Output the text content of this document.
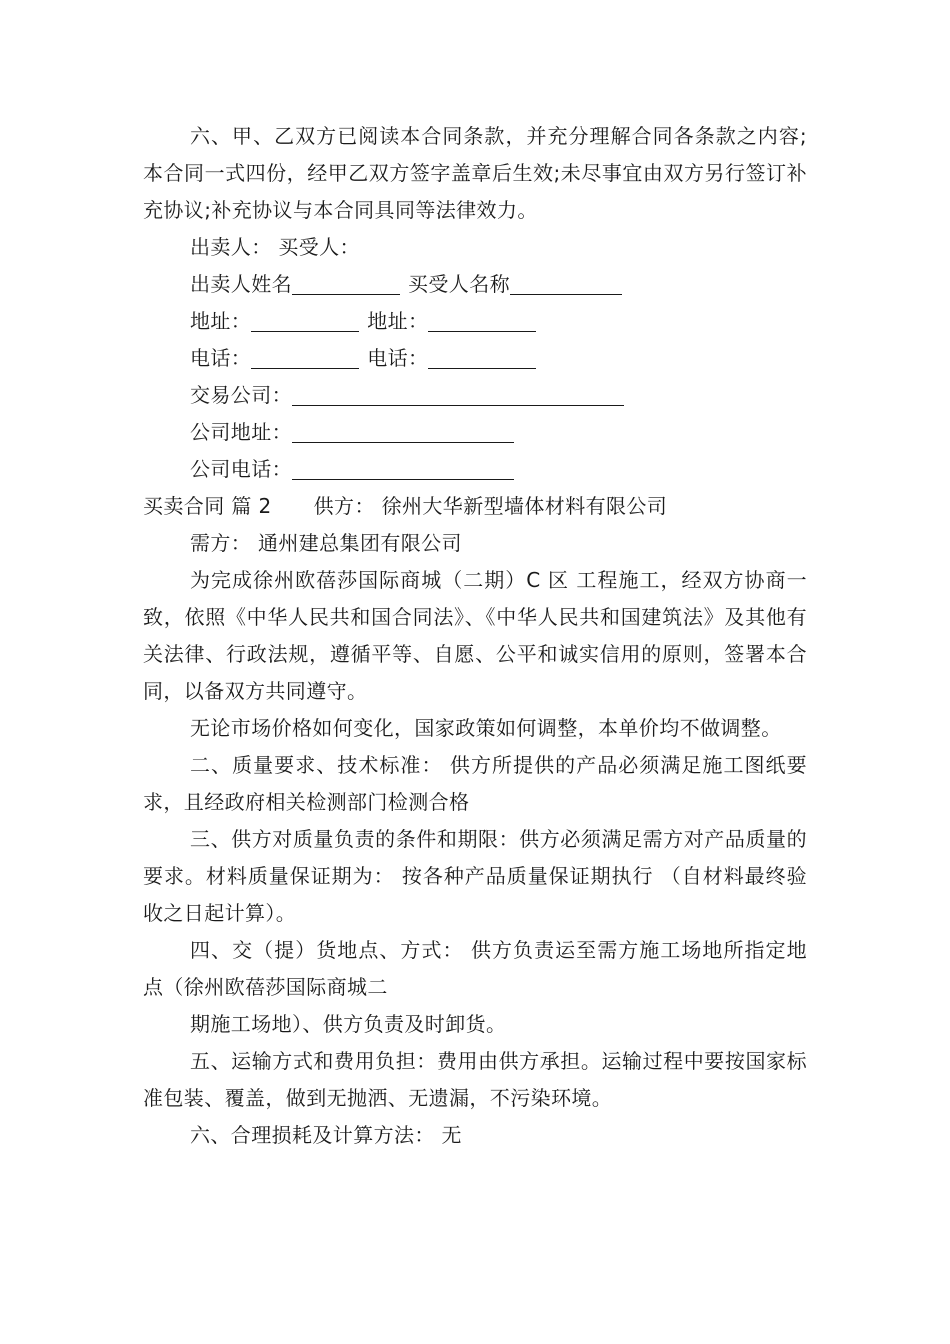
六、甲、乙双方已阅读本合同条款，并充分理解合同各条款之内容;本合同一式四份，经甲乙双方签字盖章后生效;未尽事宜由双方另行签订补充协议;补充协议与本合同具同等法律效力。

出卖人： 买受人：

出卖人姓名	买受人名称

地址：	地址：

电话：	电话：

交易公司：

公司地址：

公司电话：

买卖合同 篇 2 供方： 徐州大华新型墙体材料有限公司

需方： 通州建总集团有限公司

为完成徐州欧蓓莎国际商城（二期）C 区 工程施工，经双方协商一致，依照《中华人民共和国合同法》、《中华人民共和国建筑法》及其他有关法律、行政法规，遵循平等、自愿、公平和诚实信用的原则，签署本合同，以备双方共同遵守。

无论市场价格如何变化，国家政策如何调整，本单价均不做调整。

二、质量要求、技术标准： 供方所提供的产品必须满足施工图纸要求，且经政府相关检测部门检测合格

三、供方对质量负责的条件和期限：供方必须满足需方对产品质量的要求。材料质量保证期为： 按各种产品质量保证期执行 （自材料最终验收之日起计算）。

四、交（提）货地点、方式： 供方负责运至需方施工场地所指定地点（徐州欧蓓莎国际商城二

期施工场地）、供方负责及时卸货。

五、运输方式和费用负担：费用由供方承担。运输过程中要按国家标准包装、覆盖，做到无抛洒、无遗漏，不污染环境。

六、合理损耗及计算方法： 无
